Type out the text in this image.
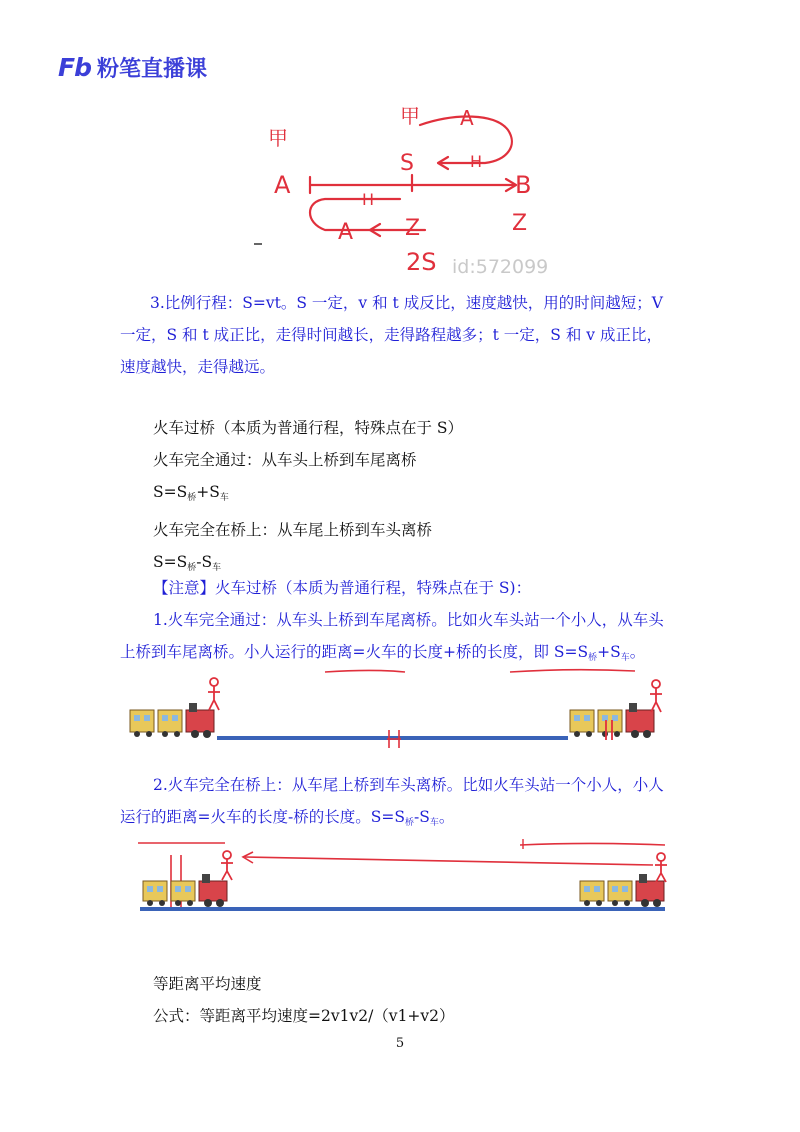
Fb 粉笔直播课
甲
甲 A
S	H
A	B
H
Z	Z
A
2S id:572099
3.比例行程：S=vt。S 一定，v 和 t 成反比，速度越快，用的时间越短；V
一定，S 和 t 成正比，走得时间越长，走得路程越多；t 一定，S 和 v 成正比，
速度越快，走得越远。
火车过桥（本质为普通行程，特殊点在于 S）
火车完全通过：从车头上桥到车尾离桥
$S=S_桥+S_车$
火车完全在桥上：从车尾上桥到车头离桥
$S=S_桥-S_车$
【注意】火车过桥（本质为普通行程，特殊点在于 S)：
1.火车完全通过：从车头上桥到车尾离桥。比如火车头站一个小人，从车头
上桥到车尾离桥。小人运行的距离=火车的长度+桥的长度，即 $S=S_桥+S_车$。
2.火车完全在桥上：从车尾上桥到车头离桥。比如火车头站一个小人，小人
运行的距离=火车的长度-桥的长度。$S=S_桥-S_车$。
等距离平均速度
公式：等距离平均速度=2v1v2/（v1+v2）
5
